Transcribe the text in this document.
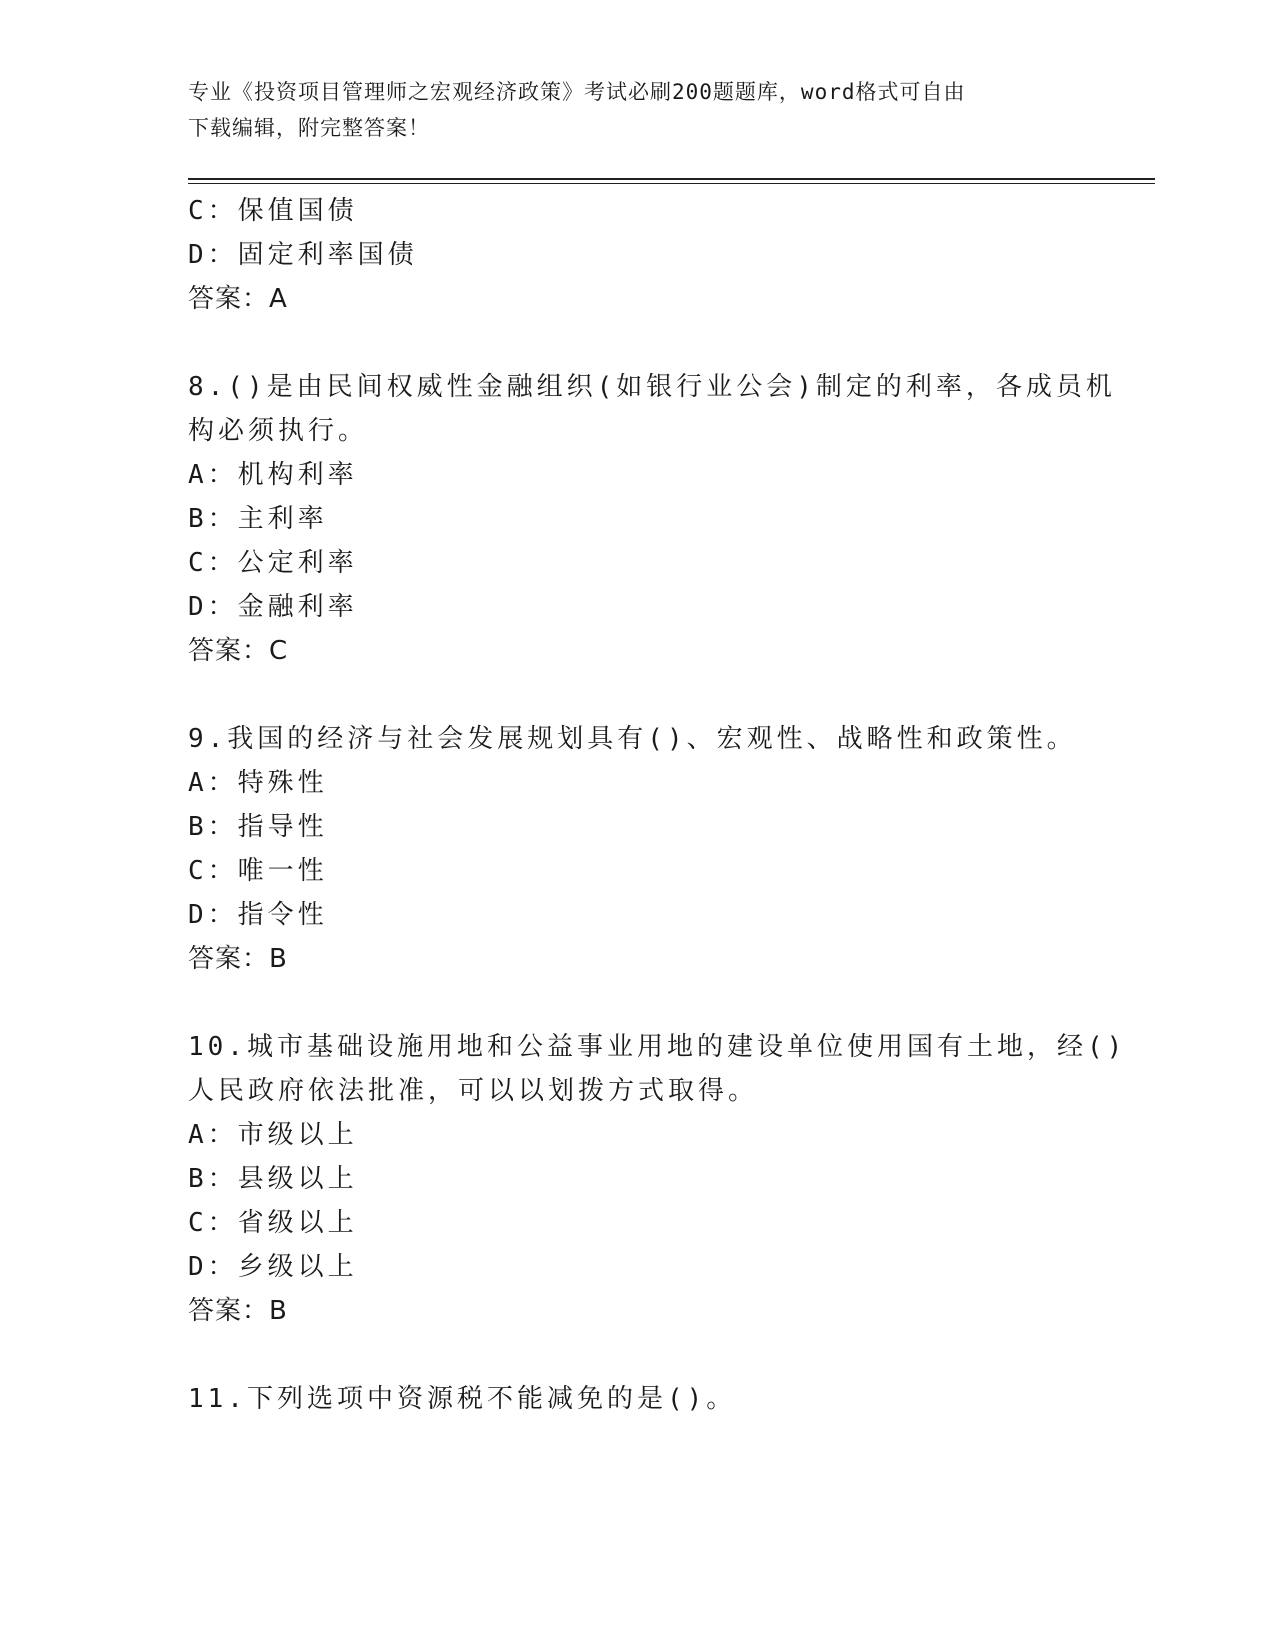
专业《投资项目管理师之宏观经济政策》考试必刷200题题库，word格式可自由
下载编辑，附完整答案！
C：保值国债
D：固定利率国债
答案：A
8.()是由民间权威性金融组织(如银行业公会)制定的利率，各成员机
构必须执行。
A：机构利率
B：主利率
C：公定利率
D：金融利率
答案：C
9.我国的经济与社会发展规划具有()、宏观性、战略性和政策性。
A：特殊性
B：指导性
C：唯一性
D：指令性
答案：B
10.城市基础设施用地和公益事业用地的建设单位使用国有土地，经()
人民政府依法批准，可以以划拨方式取得。
A：市级以上
B：县级以上
C：省级以上
D：乡级以上
答案：B
11.下列选项中资源税不能减免的是()。
